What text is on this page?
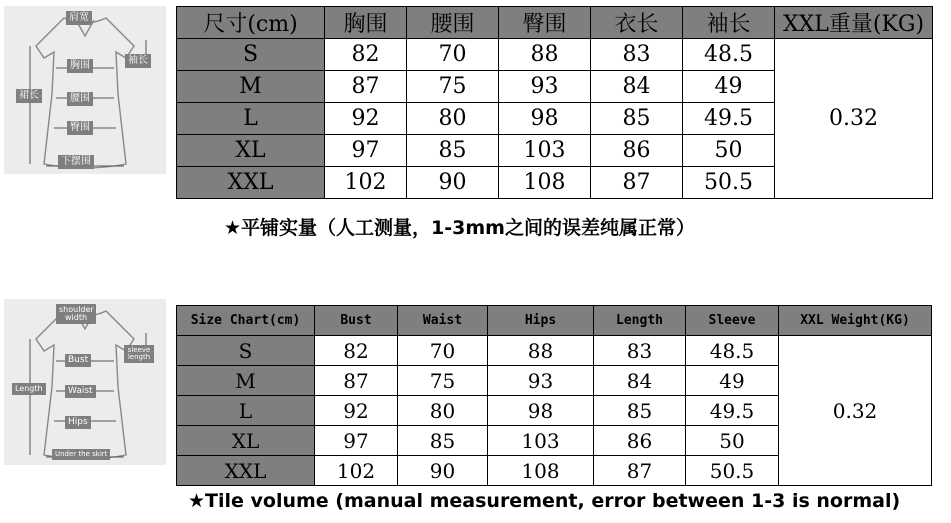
肩宽
胸围	袖长
裙长	腰围
臀围
下摆围
尺寸(cm)	胸围	腰围	臀围	衣长	袖长	XXL重量(KG)
S	82	70	88	83	48.5	0.32
M	87	75	93	84	49	
L	92	80	98	85	49.5	
XL	97	85	103	86	50	
XXL	102	90	108	87	50.5	
★平铺实量（人工测量，1-3mm之间的误差纯属正常）
shoulder width
Bust
sleeve length
Length	Waist
Hips
Under the skirt
Size Chart(cm)	Bust	Waist	Hips	Length	Sleeve	XXL Weight(KG)
S	82	70	88	83	48.5	0.32
M	87	75	93	84	49	
L	92	80	98	85	49.5	
XL	97	85	103	86	50	
XXL	102	90	108	87	50.5	
★Tile volume (manual measurement, error between 1-3 is normal)
